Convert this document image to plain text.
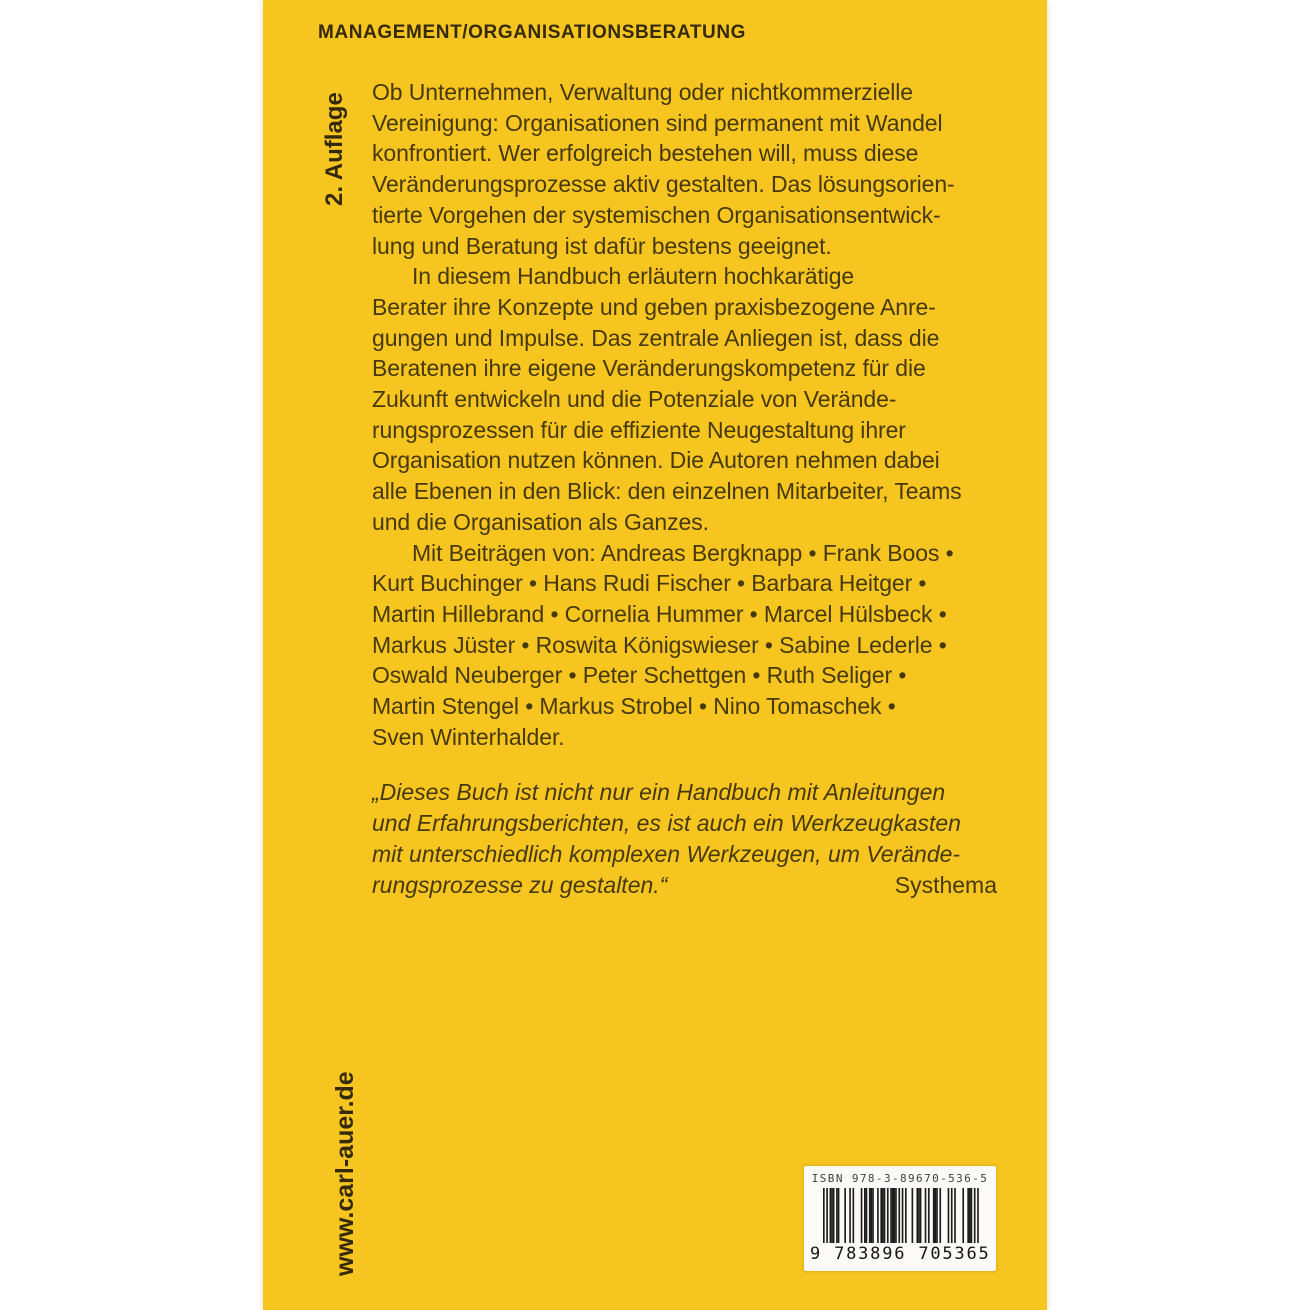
MANAGEMENT/ORGANISATIONSBERATUNG
2. Auflage
Ob Unternehmen, Verwaltung oder nichtkommerzielle
Vereinigung: Organisationen sind permanent mit Wandel
konfrontiert. Wer erfolgreich bestehen will, muss diese
Veränderungsprozesse aktiv gestalten. Das lösungsorien-
tierte Vorgehen der systemischen Organisationsentwick-
lung und Beratung ist dafür bestens geeignet.
In diesem Handbuch erläutern hochkarätige
Berater ihre Konzepte und geben praxisbezogene Anre-
gungen und Impulse. Das zentrale Anliegen ist, dass die
Beratenen ihre eigene Veränderungskompetenz für die
Zukunft entwickeln und die Potenziale von Verände-
rungsprozessen für die effiziente Neugestaltung ihrer
Organisation nutzen können. Die Autoren nehmen dabei
alle Ebenen in den Blick: den einzelnen Mitarbeiter, Teams
und die Organisation als Ganzes.
Mit Beiträgen von: Andreas Bergknapp • Frank Boos •
Kurt Buchinger • Hans Rudi Fischer • Barbara Heitger •
Martin Hillebrand • Cornelia Hummer • Marcel Hülsbeck •
Markus Jüster • Roswita Königswieser • Sabine Lederle •
Oswald Neuberger • Peter Schettgen • Ruth Seliger •
Martin Stengel • Markus Strobel • Nino Tomaschek •
Sven Winterhalder.
„Dieses Buch ist nicht nur ein Handbuch mit Anleitungen
und Erfahrungsberichten, es ist auch ein Werkzeugkasten
mit unterschiedlich komplexen Werkzeugen, um Verände-
rungsprozesse zu gestalten.“	Systhema
www.carl-auer.de	ISBN 978-3-89670-536-5
9 783896 705365
